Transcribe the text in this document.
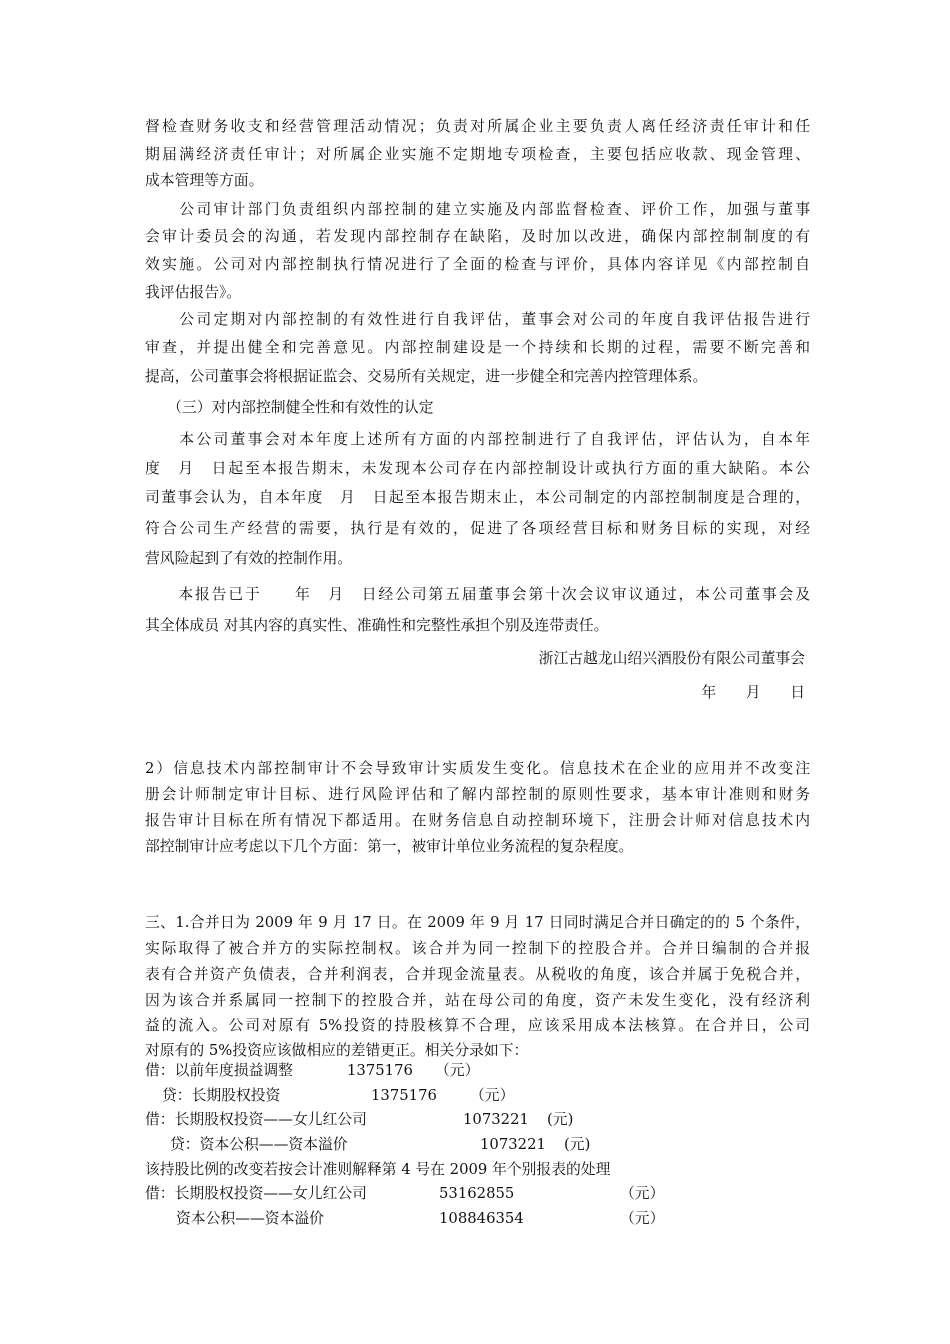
督检查财务收支和经营管理活动情况；负责对所属企业主要负责人离任经济责任审计和任
期届满经济责任审计；对所属企业实施不定期地专项检查，主要包括应收款、现金管理、
成本管理等方面。
　　公司审计部门负责组织内部控制的建立实施及内部监督检查、评价工作，加强与董事
会审计委员会的沟通，若发现内部控制存在缺陷，及时加以改进，确保内部控制制度的有
效实施。公司对内部控制执行情况进行了全面的检查与评价，具体内容详见《内部控制自
我评估报告》。
　　公司定期对内部控制的有效性进行自我评估，董事会对公司的年度自我评估报告进行
审查，并提出健全和完善意见。内部控制建设是一个持续和长期的过程，需要不断完善和
提高，公司董事会将根据证监会、交易所有关规定，进一步健全和完善内控管理体系。
　　（三）对内部控制健全性和有效性的认定
　　本公司董事会对本年度上述所有方面的内部控制进行了自我评估，评估认为，自本年
度　月　日起至本报告期末，未发现本公司存在内部控制设计或执行方面的重大缺陷。本公
司董事会认为，自本年度　月　日起至本报告期末止，本公司制定的内部控制制度是合理的，
符合公司生产经营的需要，执行是有效的，促进了各项经营目标和财务目标的实现，对经
营风险起到了有效的控制作用。
　　本报告已于　　年　月　日经公司第五届董事会第十次会议审议通过，本公司董事会及
其全体成员 对其内容的真实性、准确性和完整性承担个别及连带责任。
浙江古越龙山绍兴酒股份有限公司董事会
年　　月　　日
2）信息技术内部控制审计不会导致审计实质发生变化。信息技术在企业的应用并不改变注
册会计师制定审计目标、进行风险评估和了解内部控制的原则性要求，基本审计准则和财务
报告审计目标在所有情况下都适用。在财务信息自动控制环境下，注册会计师对信息技术内
部控制审计应考虑以下几个方面：第一，被审计单位业务流程的复杂程度。
三、1.合并日为 2009 年 9 月 17 日。在 2009 年 9 月 17 日同时满足合并日确定的的 5 个条件，
实际取得了被合并方的实际控制权。该合并为同一控制下的控股合并。合并日编制的合并报
表有合并资产负债表，合并利润表，合并现金流量表。从税收的角度，该合并属于免税合并，
因为该合并系属同一控制下的控股合并，站在母公司的角度，资产未发生变化，没有经济利
益的流入。公司对原有 5%投资的持股核算不合理，应该采用成本法核算。在合并日，公司
对原有的 5%投资应该做相应的差错更正。相关分录如下：
借：以前年度损益调整	1375176 （元）
贷：长期股权投资	1375176 （元）
借：长期股权投资——女儿红公司	1073221 (元)
贷：资本公积——资本溢价	1073221 (元)
该持股比例的改变若按会计准则解释第 4 号在 2009 年个别报表的处理
借：长期股权投资——女儿红公司	53162855	（元）
资本公积——资本溢价	108846354	（元）
